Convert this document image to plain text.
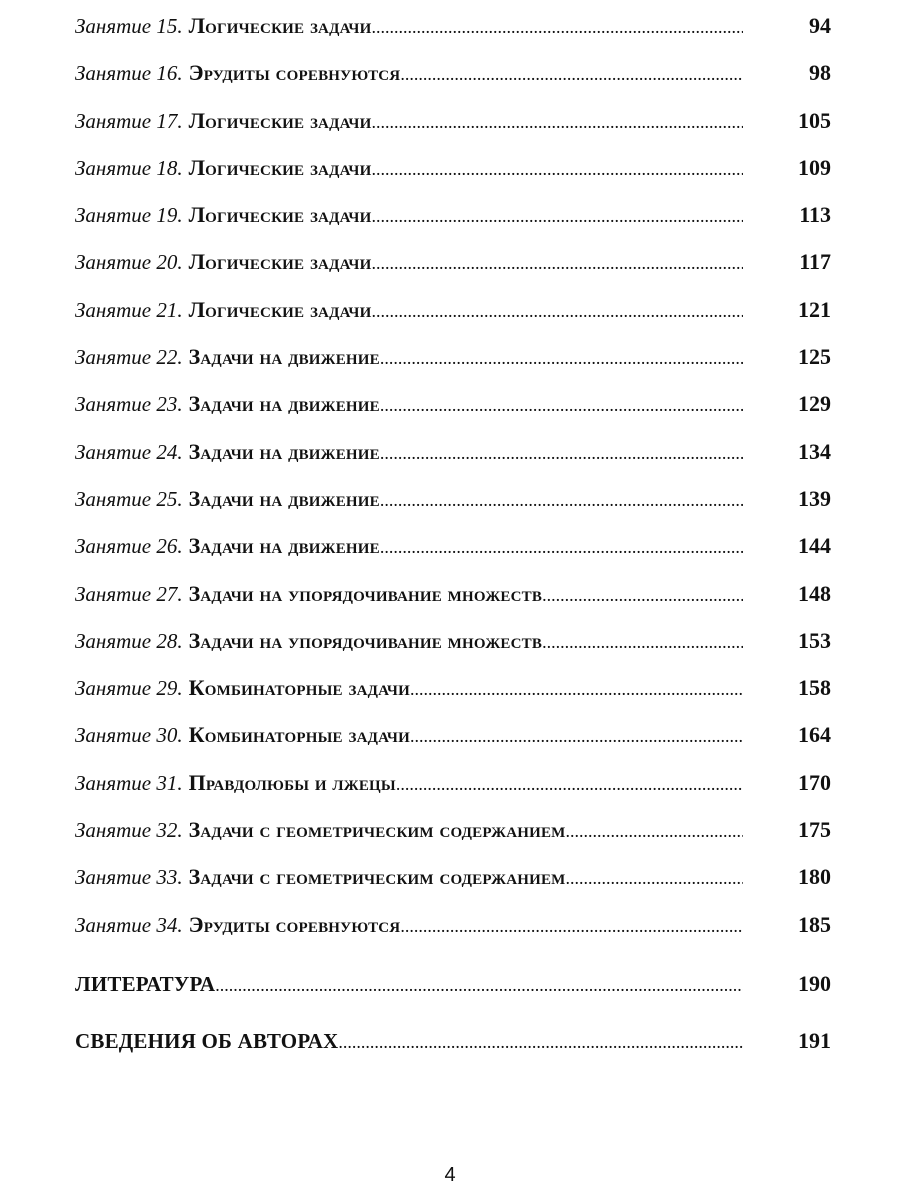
Занятие 15. Логические задачи .....	94
Занятие 16. Эрудиты соревнуются .....	98
Занятие 17. Логические задачи .....	105
Занятие 18. Логические задачи .....	109
Занятие 19. Логические задачи .....	113
Занятие 20. Логические задачи .....	117
Занятие 21. Логические задачи .....	121
Занятие 22. Задачи на движение .....	125
Занятие 23. Задачи на движение .....	129
Занятие 24. Задачи на движение .....	134
Занятие 25. Задачи на движение .....	139
Занятие 26. Задачи на движение .....	144
Занятие 27. Задачи на упорядочивание множеств .....	148
Занятие 28. Задачи на упорядочивание множеств .....	153
Занятие 29. Комбинаторные задачи .....	158
Занятие 30. Комбинаторные задачи .....	164
Занятие 31. Правдолюбы и лжецы .....	170
Занятие 32. Задачи с геометрическим содержанием .....	175
Занятие 33. Задачи с геометрическим содержанием .....	180
Занятие 34. Эрудиты соревнуются .....	185
ЛИТЕРАТУРА .....	190
СВЕДЕНИЯ ОБ АВТОРАХ .....	191
4
